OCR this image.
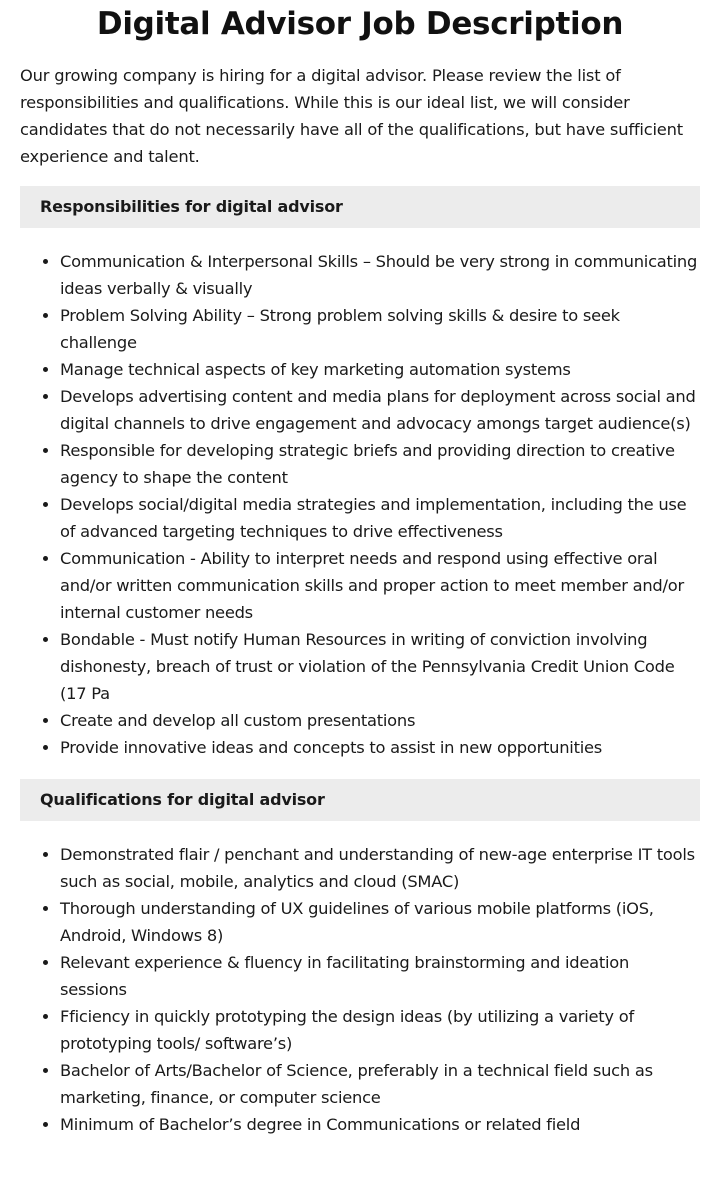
Digital Advisor Job Description

Our growing company is hiring for a digital advisor. Please review the list of responsibilities and qualifications. While this is our ideal list, we will consider candidates that do not necessarily have all of the qualifications, but have sufficient experience and talent.

Responsibilities for digital advisor
Communication & Interpersonal Skills – Should be very strong in communicating ideas verbally & visually
Problem Solving Ability – Strong problem solving skills & desire to seek challenge
Manage technical aspects of key marketing automation systems
Develops advertising content and media plans for deployment across social and digital channels to drive engagement and advocacy amongs target audience(s)
Responsible for developing strategic briefs and providing direction to creative agency to shape the content
Develops social/digital media strategies and implementation, including the use of advanced targeting techniques to drive effectiveness
Communication - Ability to interpret needs and respond using effective oral and/or written communication skills and proper action to meet member and/or internal customer needs
Bondable - Must notify Human Resources in writing of conviction involving dishonesty, breach of trust or violation of the Pennsylvania Credit Union Code (17 Pa
Create and develop all custom presentations
Provide innovative ideas and concepts to assist in new opportunities
Qualifications for digital advisor
Demonstrated flair / penchant and understanding of new-age enterprise IT tools such as social, mobile, analytics and cloud (SMAC)
Thorough understanding of UX guidelines of various mobile platforms (iOS, Android, Windows 8)
Relevant experience & fluency in facilitating brainstorming and ideation sessions
Fficiency in quickly prototyping the design ideas (by utilizing a variety of prototyping tools/ software’s)
Bachelor of Arts/Bachelor of Science, preferably in a technical field such as marketing, finance, or computer science
Minimum of Bachelor’s degree in Communications or related field
